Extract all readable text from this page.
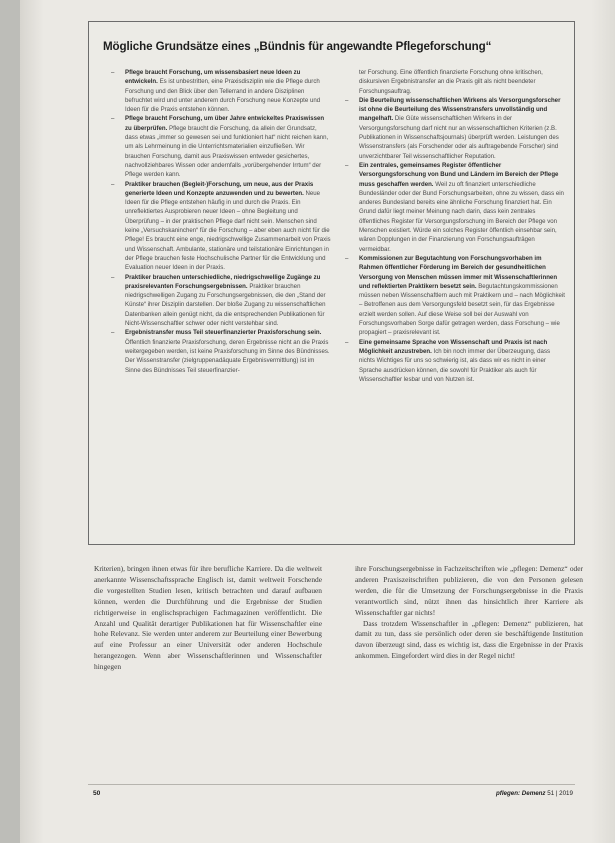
Mögliche Grundsätze eines „Bündnis für angewandte Pflegeforschung“
– Pflege braucht Forschung, um wissensbasiert neue Ideen zu entwickeln. Es ist unbestritten, eine Praxisdisziplin wie die Pflege durch Forschung und den Blick über den Tellerrand in andere Disziplinen befruchtet wird und unter anderem durch Forschung neue Konzepte und Ideen für die Praxis entstehen können.
– Pflege braucht Forschung, um über Jahre entwickeltes Praxiswissen zu überprüfen. Pflege braucht die Forschung, da allein der Grundsatz, dass etwas „immer so gewesen sei und funktioniert hat“ nicht reichen kann, um als Lehrmeinung in die Unterrichtsmaterialien einzufließen. Wir brauchen Forschung, damit aus Praxiswissen entweder gesichertes, nachvollziehbares Wissen oder andernfalls „vorübergehender Irrtum“ der Pflege werden kann.
– Praktiker brauchen (Begleit-)Forschung, um neue, aus der Praxis generierte Ideen und Konzepte anzuwenden und zu bewerten. Neue Ideen für die Pflege entstehen häufig in und durch die Praxis. Ein unreflektiertes Ausprobieren neuer Ideen – ohne Begleitung und Überprüfung – in der praktischen Pflege darf nicht sein. Menschen sind keine „Versuchskaninchen“ für die Forschung – aber eben auch nicht für die Pflege! Es braucht eine enge, niedrigschwellige Zusammenarbeit von Praxis und Wissenschaft. Ambulante, stationäre und teilstationäre Einrichtungen in der Pflege brauchen feste Hochschulische Partner für die Entwicklung und Evaluation neuer Ideen in der Praxis.
– Praktiker brauchen unterschiedliche, niedrigschwellige Zugänge zu praxisrelevanten Forschungsergebnissen. Praktiker brauchen niedrigschwelligen Zugang zu Forschungsergebnissen, die den „Stand der Künste“ ihrer Disziplin darstellen. Der bloße Zugang zu wissenschaftlichen Datenbanken allein genügt nicht, da die entsprechenden Publikationen für Nicht-Wissenschaftler schwer oder nicht verstehbar sind.
– Ergebnistransfer muss Teil steuerfinanzierter Praxisforschung sein. Öffentlich finanzierte Praxisforschung, deren Ergebnisse nicht an die Praxis weitergegeben werden, ist keine Praxisforschung im Sinne des Bündnisses. Der Wissenstransfer (zielgruppenadäquate Ergebnisvermittlung) ist im Sinne des Bündnisses Teil steuerfinanzier-
ter Forschung. Eine öffentlich finanzierte Forschung ohne kritischen, diskursiven Ergebnistransfer an die Praxis gilt als nicht beendeter Forschungsauftrag.
– Die Beurteilung wissenschaftlichen Wirkens als Versorgungsforscher ist ohne die Beurteilung des Wissenstransfers unvollständig und mangelhaft. Die Güte wissenschaftlichen Wirkens in der Versorgungsforschung darf nicht nur an wissenschaftlichen Kriterien (z.B. Publikationen in Wissenschaftsjournals) überprüft werden. Leistungen des Wissenstransfers (als Forschender oder als auftragebende Forscher) sind unverzichtbarer Teil wissenschaftlicher Reputation.
– Ein zentrales, gemeinsames Register öffentlicher Versorgungsforschung von Bund und Ländern im Bereich der Pflege muss geschaffen werden. Weil zu oft finanziert unterschiedliche Bundesländer oder der Bund Forschungsarbeiten, ohne zu wissen, dass ein anderes Bundesland bereits eine ähnliche Forschung finanziert hat. Ein Grund dafür liegt meiner Meinung nach darin, dass kein zentrales öffentliches Register für Versorgungsforschung im Bereich der Pflege von Menschen existiert. Würde ein solches Register öffentlich einsehbar sein, wären Dopplungen in der Finanzierung von Forschungsaufträgen vermeidbar.
– Kommissionen zur Begutachtung von Forschungsvorhaben im Rahmen öffentlicher Förderung im Bereich der gesundheitlichen Versorgung von Menschen müssen immer mit Wissenschaftlerinnen und reflektierten Praktikern besetzt sein. Begutachtungskommissionen müssen neben Wissenschaftlern auch mit Praktikern und – nach Möglichkeit – Betroffenen aus dem Versorgungsfeld besetzt sein, für das Ergebnisse erzielt werden sollen. Auf diese Weise soll bei der Auswahl von Forschungsvorhaben Sorge dafür getragen werden, dass Forschung – wie propagiert – praxisrelevant ist.
– Eine gemeinsame Sprache von Wissenschaft und Praxis ist nach Möglichkeit anzustreben. Ich bin noch immer der Überzeugung, dass nichts Wichtiges für uns so schwierig ist, als dass wir es nicht in einer Sprache ausdrücken können, die sowohl für Praktiker als auch für Wissenschaftler lesbar und von Nutzen ist.
Kriterien), bringen ihnen etwas für ihre berufliche Karriere. Da die weltweit anerkannte Wissenschaftssprache Englisch ist, damit weltweit Forschende die vorgestellten Studien lesen, kritisch betrachten und darauf aufbauen können, werden die Durchführung und die Ergebnisse der Studien richtigerweise in englischsprachigen Fachmagazinen veröffentlicht. Die Anzahl und Qualität derartiger Publikationen hat für Wissenschaftler eine hohe Relevanz. Sie werden unter anderem zur Beurteilung einer Bewerbung auf eine Professur an einer Universität oder anderen Hochschule herangezogen. Wenn aber Wissenschaftlerinnen und Wissenschaftler hingegen

ihre Forschungsergebnisse in Fachzeitschriften wie „pflegen: Demenz“ oder anderen Praxiszeitschriften publizieren, die von den Personen gelesen werden, die für die Umsetzung der Forschungsergebnisse in die Praxis verantwortlich sind, nützt ihnen das hinsichtlich ihrer Karriere als Wissenschaftler gar nichts!

Dass trotzdem Wissenschaftler in „pflegen: Demenz“ publizieren, hat damit zu tun, dass sie persönlich oder deren sie beschäftigende Institution davon überzeugt sind, dass es wichtig ist, dass die Ergebnisse in der Praxis ankommen. Eingefordert wird dies in der Regel nicht!

50	pflegen: Demenz 51 | 2019
